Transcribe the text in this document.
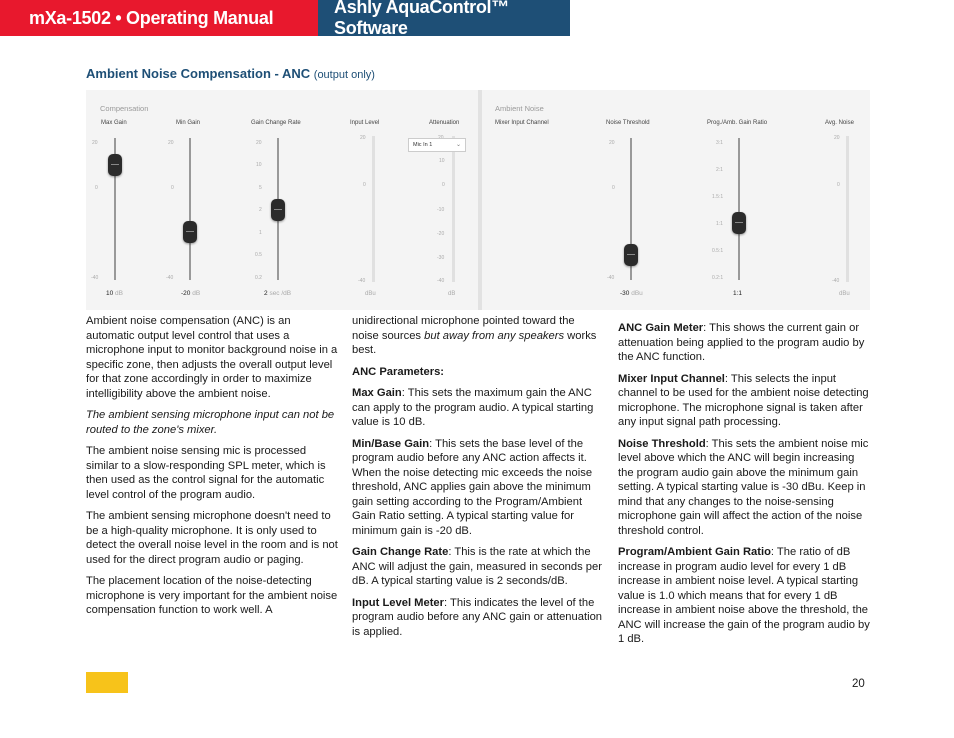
mXa-1502 • Operating Manual
Ashly AquaControl™ Software
Ambient Noise Compensation - ANC (output only)
Compensation
Max Gain
20
0
-40
10 dB
Min Gain
20
0
-40
-20 dB
Gain Change Rate
20
10
5
2
1
0.5
0.2
2 sec /dB
Input Level
20
0
-40
dBu
Attenuation
10
0
-10
-20
-30
-40
dB
Ambient Noise
Mixer Input Channel	Noise Threshold
20
0
-40
-30 dBu
Prog./Amb. Gain Ratio
3:1
2:1
1.5:1
1:1
0.5:1
0.2:1
1:1
Avg. Noise
20
0
-40
dBu
Mic In 1	⌄

Ambient noise compensation (ANC) is an automatic output level control that uses a microphone input to monitor background noise in a specific zone, then adjusts the overall output level for that zone accordingly in order to maximize intelligibility above the ambient noise.

The ambient sensing microphone input can not be routed to the zone's mixer.

The ambient noise sensing mic is processed similar to a slow-responding SPL meter, which is then used as the control signal for the automatic level control of the program audio.

The ambient sensing microphone doesn't need to be a high-quality microphone. It is only used to detect the overall noise level in the room and is not used for the direct program audio or paging.

The placement location of the noise-detecting microphone is very important for the ambient noise compensation function to work well. A

unidirectional microphone pointed toward the noise sources but away from any speakers works best.

ANC Parameters:

Max Gain: This sets the maximum gain the ANC can apply to the program audio. A typical starting value is 10 dB.

Min/Base Gain: This sets the base level of the program audio before any ANC action affects it. When the noise detecting mic exceeds the noise threshold, ANC applies gain above the minimum gain setting according to the Program/Ambient Gain Ratio setting. A typical starting value for minimum gain is -20 dB.

Gain Change Rate: This is the rate at which the ANC will adjust the gain, measured in seconds per dB. A typical starting value is 2 seconds/dB.

Input Level Meter: This indicates the level of the program audio before any ANC gain or attenuation is applied.

ANC Gain Meter: This shows the current gain or attenuation being applied to the program audio by the ANC function.

Mixer Input Channel: This selects the input channel to be used for the ambient noise detecting microphone. The microphone signal is taken after any input signal path processing.

Noise Threshold: This sets the ambient noise mic level above which the ANC will begin increasing the program audio gain above the minimum gain setting. A typical starting value is -30 dBu. Keep in mind that any changes to the noise-sensing microphone gain will affect the action of the noise threshold control.

Program/Ambient Gain Ratio: The ratio of dB increase in program audio level for every 1 dB increase in ambient noise level. A typical starting value is 1.0 which means that for every 1 dB increase in ambient noise above the threshold, the ANC will increase the gain of the program audio by 1 dB.

20
